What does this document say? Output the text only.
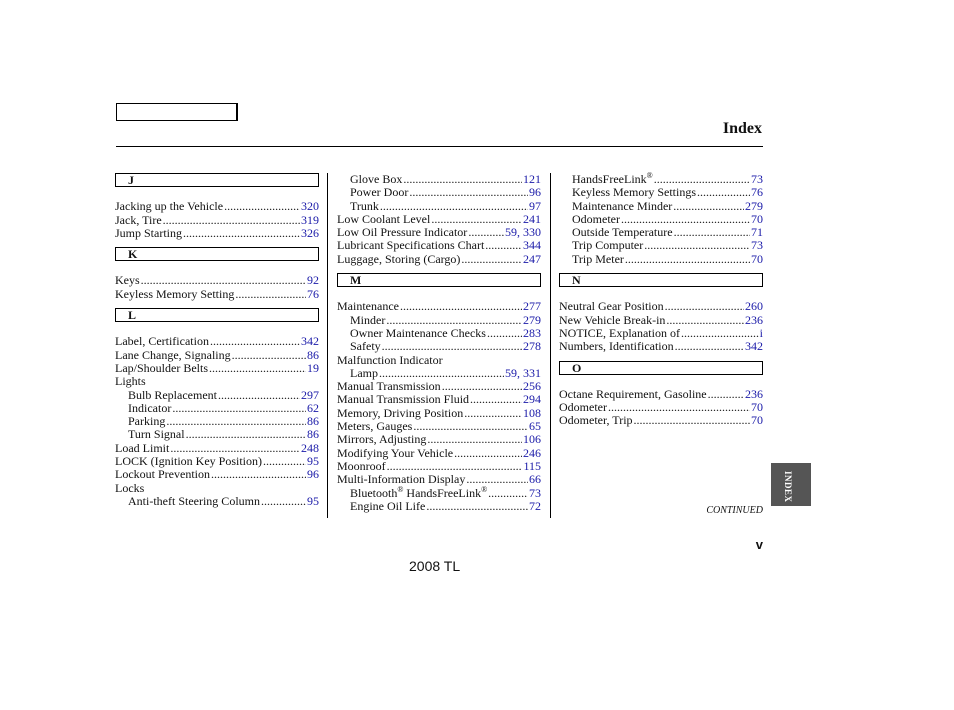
Index
J
Jacking up the Vehicle .....	320
Jack, Tire .....	319
Jump Starting .....	326
K
Keys .....	92
Keyless Memory Setting .....	76
L
Label, Certification .....	342
Lane Change, Signaling .....	86
Lap/Shoulder Belts .....	19
Lights
Bulb Replacement .....	297
Indicator .....	62
Parking .....	86
Turn Signal .....	86
Load Limit .....	248
LOCK (Ignition Key Position) .....	95
Lockout Prevention .....	96
Locks
Anti-theft Steering Column .....	95
Glove Box .....	121
Power Door .....	96
Trunk .....	97
Low Coolant Level .....	241
Low Oil Pressure Indicator .....	59, 330
Lubricant Specifications Chart .....	344
Luggage, Storing (Cargo) .....	247
M
Maintenance .....	277
Minder .....	279
Owner Maintenance Checks .....	283
Safety .....	278
Malfunction Indicator
Lamp .....	59, 331
Manual Transmission .....	256
Manual Transmission Fluid .....	294
Memory, Driving Position .....	108
Meters, Gauges .....	65
Mirrors, Adjusting .....	106
Modifying Your Vehicle .....	246
Moonroof .....	115
Multi-Information Display .....	66
Bluetooth® HandsFreeLink® .....	73
Engine Oil Life .....	72
HandsFreeLink® .....	73
Keyless Memory Settings .....	76
Maintenance Minder .....	279
Odometer .....	70
Outside Temperature .....	71
Trip Computer .....	73
Trip Meter .....	70
N
Neutral Gear Position .....	260
New Vehicle Break-in .....	236
NOTICE, Explanation of .....	i
Numbers, Identification .....	342
O
Octane Requirement, Gasoline .....	236
Odometer .....	70
Odometer, Trip .....	70
INDEX
CONTINUED
v
2008 TL
